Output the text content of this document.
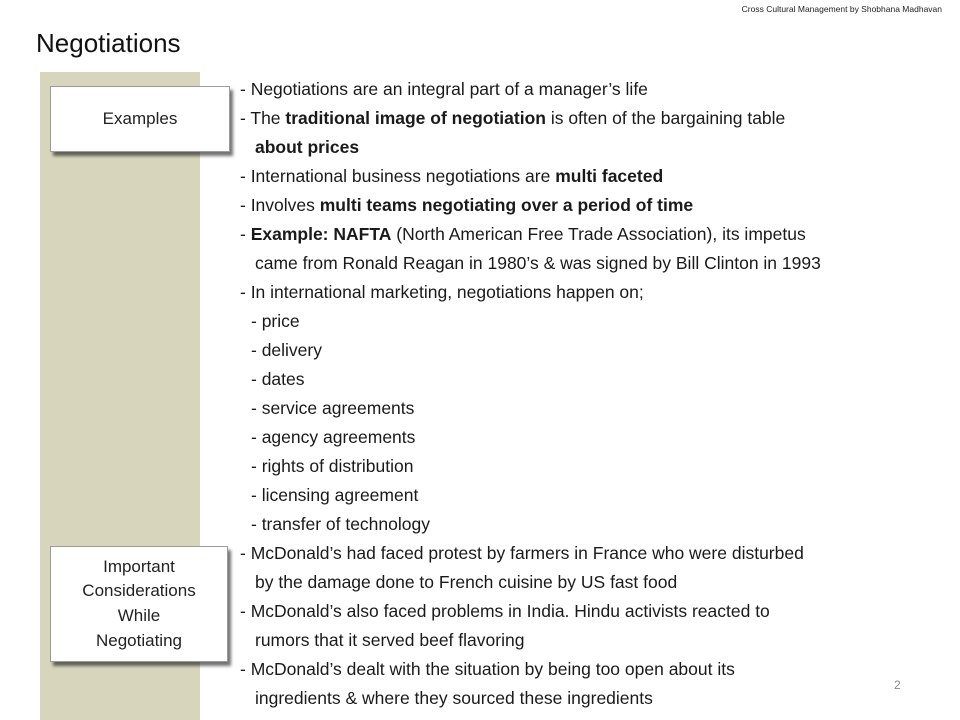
Cross Cultural Management by Shobhana Madhavan
Negotiations
Examples
Important
Considerations
While
Negotiating
- Negotiations are an integral part of a manager’s life
- The traditional image of negotiation is often of the bargaining table
about prices
- International business negotiations are multi faceted
- Involves multi teams negotiating over a period of time
- Example: NAFTA (North American Free Trade Association), its impetus
came from Ronald Reagan in 1980’s & was signed by Bill Clinton in 1993
- In international marketing, negotiations happen on;
- price
- delivery
- dates
- service agreements
- agency agreements
- rights of distribution
- licensing agreement
- transfer of technology
- McDonald’s had faced protest by farmers in France who were disturbed
by the damage done to French cuisine by US fast food
- McDonald’s also faced problems in India. Hindu activists reacted to
rumors that it served beef flavoring
- McDonald’s dealt with the situation by being too open about its
ingredients & where they sourced these ingredients
2
